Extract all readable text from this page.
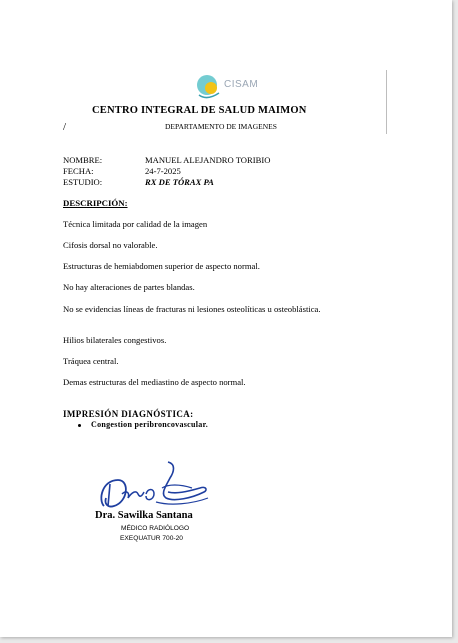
CISAM
CENTRO INTEGRAL DE SALUD MAIMON
/	DEPARTAMENTO DE IMAGENES
NOMBRE:	MANUEL ALEJANDRO TORIBIO
FECHA:	24-7-2025
ESTUDIO:	RX DE TÓRAX PA
DESCRIPCIÓN:
Técnica limitada por calidad de la imagen
Cifosis dorsal no valorable.
Estructuras de hemiabdomen superior de aspecto normal.
No hay alteraciones de partes blandas.
No se evidencias líneas de fracturas ni lesiones osteolíticas u osteoblástica.
Hilios bilaterales congestivos.
Tráquea central.
Demas estructuras del mediastino de aspecto normal.
IMPRESIÓN DIAGNÓSTICA:
Congestion peribroncovascular.
Dra. Sawilka Santana
MÉDICO RADIÓLOGO
EXEQUATUR 700-20
